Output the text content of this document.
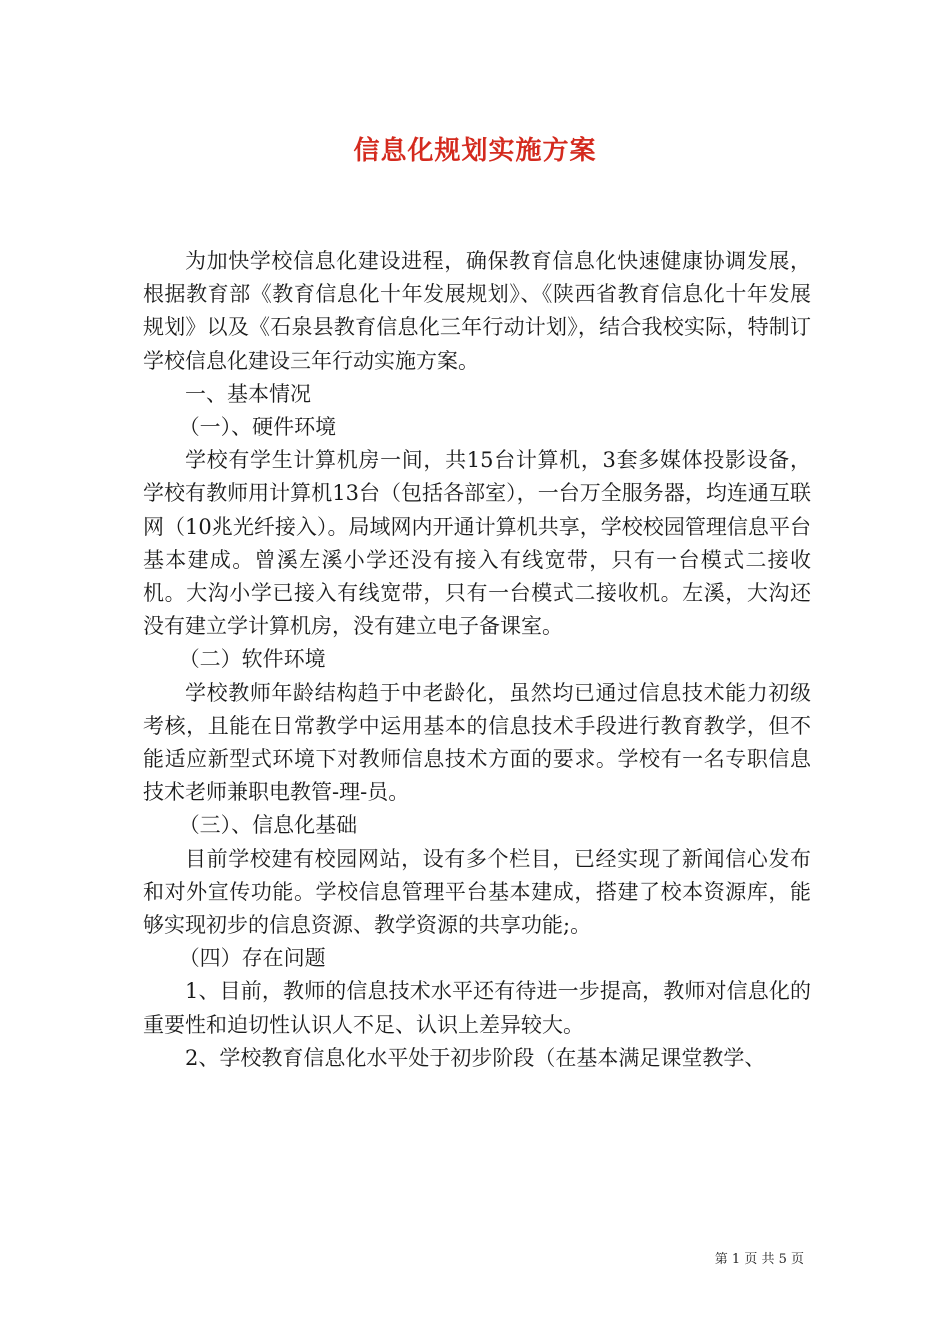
信息化规划实施方案

为加快学校信息化建设进程，确保教育信息化快速健康协调发展，根据教育部《教育信息化十年发展规划》、《陕西省教育信息化十年发展规划》以及《石泉县教育信息化三年行动计划》，结合我校实际，特制订学校信息化建设三年行动实施方案。

一、基本情况

（一）、硬件环境

学校有学生计算机房一间，共15台计算机，3套多媒体投影设备，学校有教师用计算机13台（包括各部室），一台万全服务器，均连通互联网（10兆光纤接入）。局域网内开通计算机共享，学校校园管理信息平台基本建成。曾溪左溪小学还没有接入有线宽带，只有一台模式二接收机。大沟小学已接入有线宽带，只有一台模式二接收机。左溪，大沟还没有建立学计算机房，没有建立电子备课室。

（二）软件环境

学校教师年龄结构趋于中老龄化，虽然均已通过信息技术能力初级考核，且能在日常教学中运用基本的信息技术手段进行教育教学，但不能适应新型式环境下对教师信息技术方面的要求。学校有一名专职信息技术老师兼职电教管-理-员。

（三）、信息化基础

目前学校建有校园网站，设有多个栏目，已经实现了新闻信心发布和对外宣传功能。学校信息管理平台基本建成，搭建了校本资源库，能够实现初步的信息资源、教学资源的共享功能;。

（四）存在问题

1、目前，教师的信息技术水平还有待进一步提高，教师对信息化的重要性和迫切性认识人不足、认识上差异较大。

2、学校教育信息化水平处于初步阶段（在基本满足课堂教学、

第 1 页 共 5 页
